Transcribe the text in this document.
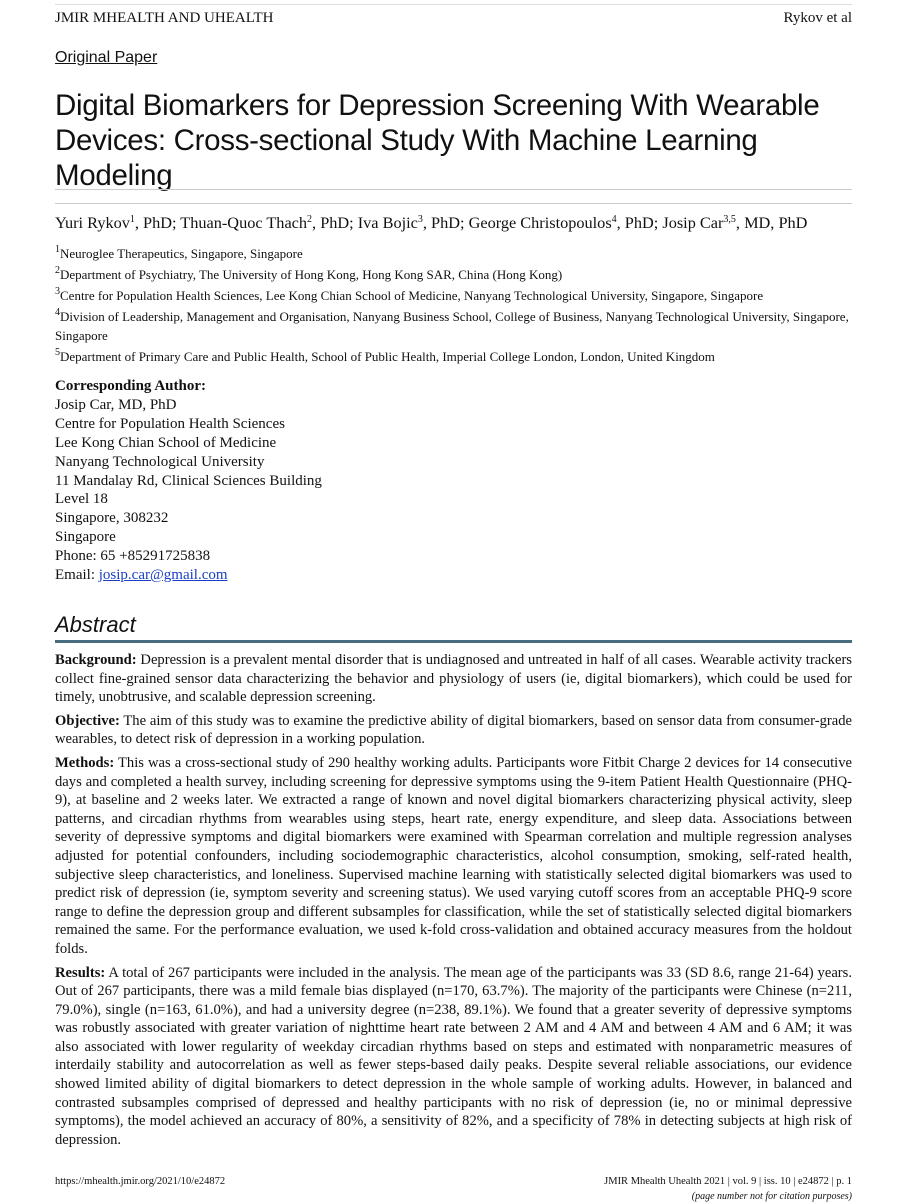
JMIR MHEALTH AND UHEALTH	Rykov et al
Original Paper
Digital Biomarkers for Depression Screening With Wearable Devices: Cross-sectional Study With Machine Learning Modeling
Yuri Rykov$^1$, PhD; Thuan-Quoc Thach$^2$, PhD; Iva Bojic$^3$, PhD; George Christopoulos$^4$, PhD; Josip Car$^{3,5}$, MD, PhD
$^1$Neuroglee Therapeutics, Singapore, Singapore
$^2$Department of Psychiatry, The University of Hong Kong, Hong Kong SAR, China (Hong Kong)
$^3$Centre for Population Health Sciences, Lee Kong Chian School of Medicine, Nanyang Technological University, Singapore, Singapore
$^4$Division of Leadership, Management and Organisation, Nanyang Business School, College of Business, Nanyang Technological University, Singapore, Singapore
$^5$Department of Primary Care and Public Health, School of Public Health, Imperial College London, London, United Kingdom
Corresponding Author:
Josip Car, MD, PhD
Centre for Population Health Sciences
Lee Kong Chian School of Medicine
Nanyang Technological University
11 Mandalay Rd, Clinical Sciences Building
Level 18
Singapore, 308232
Singapore
Phone: 65 +85291725838
Email: josip.car@gmail.com
Abstract

Background: Depression is a prevalent mental disorder that is undiagnosed and untreated in half of all cases. Wearable activity trackers collect fine-grained sensor data characterizing the behavior and physiology of users (ie, digital biomarkers), which could be used for timely, unobtrusive, and scalable depression screening.

Objective: The aim of this study was to examine the predictive ability of digital biomarkers, based on sensor data from consumer-grade wearables, to detect risk of depression in a working population.

Methods: This was a cross-sectional study of 290 healthy working adults. Participants wore Fitbit Charge 2 devices for 14 consecutive days and completed a health survey, including screening for depressive symptoms using the 9-item Patient Health Questionnaire (PHQ-9), at baseline and 2 weeks later. We extracted a range of known and novel digital biomarkers characterizing physical activity, sleep patterns, and circadian rhythms from wearables using steps, heart rate, energy expenditure, and sleep data. Associations between severity of depressive symptoms and digital biomarkers were examined with Spearman correlation and multiple regression analyses adjusted for potential confounders, including sociodemographic characteristics, alcohol consumption, smoking, self-rated health, subjective sleep characteristics, and loneliness. Supervised machine learning with statistically selected digital biomarkers was used to predict risk of depression (ie, symptom severity and screening status). We used varying cutoff scores from an acceptable PHQ-9 score range to define the depression group and different subsamples for classification, while the set of statistically selected digital biomarkers remained the same. For the performance evaluation, we used k-fold cross-validation and obtained accuracy measures from the holdout folds.

Results: A total of 267 participants were included in the analysis. The mean age of the participants was 33 (SD 8.6, range 21-64) years. Out of 267 participants, there was a mild female bias displayed (n=170, 63.7%). The majority of the participants were Chinese (n=211, 79.0%), single (n=163, 61.0%), and had a university degree (n=238, 89.1%). We found that a greater severity of depressive symptoms was robustly associated with greater variation of nighttime heart rate between 2 AM and 4 AM and between 4 AM and 6 AM; it was also associated with lower regularity of weekday circadian rhythms based on steps and estimated with nonparametric measures of interdaily stability and autocorrelation as well as fewer steps-based daily peaks. Despite several reliable associations, our evidence showed limited ability of digital biomarkers to detect depression in the whole sample of working adults. However, in balanced and contrasted subsamples comprised of depressed and healthy participants with no risk of depression (ie, no or minimal depressive symptoms), the model achieved an accuracy of 80%, a sensitivity of 82%, and a specificity of 78% in detecting subjects at high risk of depression.

https://mhealth.jmir.org/2021/10/e24872	JMIR Mhealth Uhealth 2021 | vol. 9 | iss. 10 | e24872 | p. 1
(page number not for citation purposes)
